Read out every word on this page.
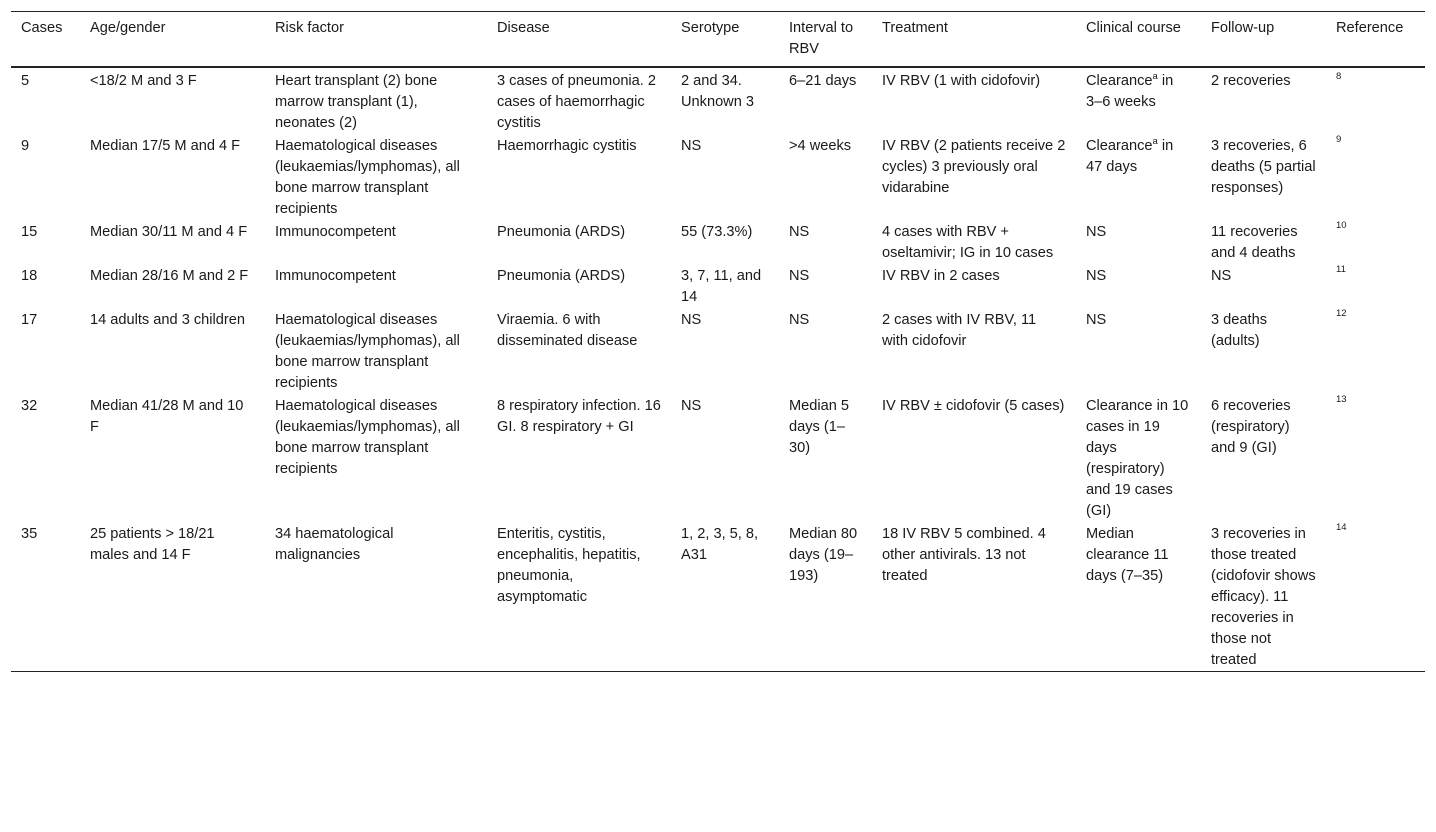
Cases	Age/gender	Risk factor	Disease	Serotype	Interval to RBV	Treatment	Clinical course	Follow-up	Reference
5	<18/2 M and 3 F	Heart transplant (2) bone marrow transplant (1), neonates (2)	3 cases of pneumonia. 2 cases of haemorrhagic cystitis	2 and 34. Unknown 3	6–21 days	IV RBV (1 with cidofovir)	Clearance$^a$ in 3–6 weeks	2 recoveries	$^8$
9	Median 17/5 M and 4 F	Haematological diseases (leukaemias/lymphomas), all bone marrow transplant recipients	Haemorrhagic cystitis	NS	>4 weeks	IV RBV (2 patients receive 2 cycles) 3 previously oral vidarabine	Clearance$^a$ in 47 days	3 recoveries, 6 deaths (5 partial responses)	$^9$
15	Median 30/11 M and 4 F	Immunocompetent	Pneumonia (ARDS)	55 (73.3%)	NS	4 cases with RBV + oseltamivir; IG in 10 cases	NS	11 recoveries and 4 deaths	$^{10}$
18	Median 28/16 M and 2 F	Immunocompetent	Pneumonia (ARDS)	3, 7, 11, and 14	NS	IV RBV in 2 cases	NS	NS	$^{11}$
17	14 adults and 3 children	Haematological diseases (leukaemias/lymphomas), all bone marrow transplant recipients	Viraemia. 6 with disseminated disease	NS	NS	2 cases with IV RBV, 11 with cidofovir	NS	3 deaths (adults)	$^{12}$
32	Median 41/28 M and 10 F	Haematological diseases (leukaemias/lymphomas), all bone marrow transplant recipients	8 respiratory infection. 16 GI. 8 respiratory + GI	NS	Median 5 days (1–30)	IV RBV ± cidofovir (5 cases)	Clearance in 10 cases in 19 days (respiratory) and 19 cases (GI)	6 recoveries (respiratory) and 9 (GI)	$^{13}$
35	25 patients > 18/21 males and 14 F	34 haematological malignancies	Enteritis, cystitis, encephalitis, hepatitis, pneumonia, asymptomatic	1, 2, 3, 5, 8, A31	Median 80 days (19–193)	18 IV RBV 5 combined. 4 other antivirals. 13 not treated	Median clearance 11 days (7–35)	3 recoveries in those treated (cidofovir shows efficacy). 11 recoveries in those not treated	$^{14}$
